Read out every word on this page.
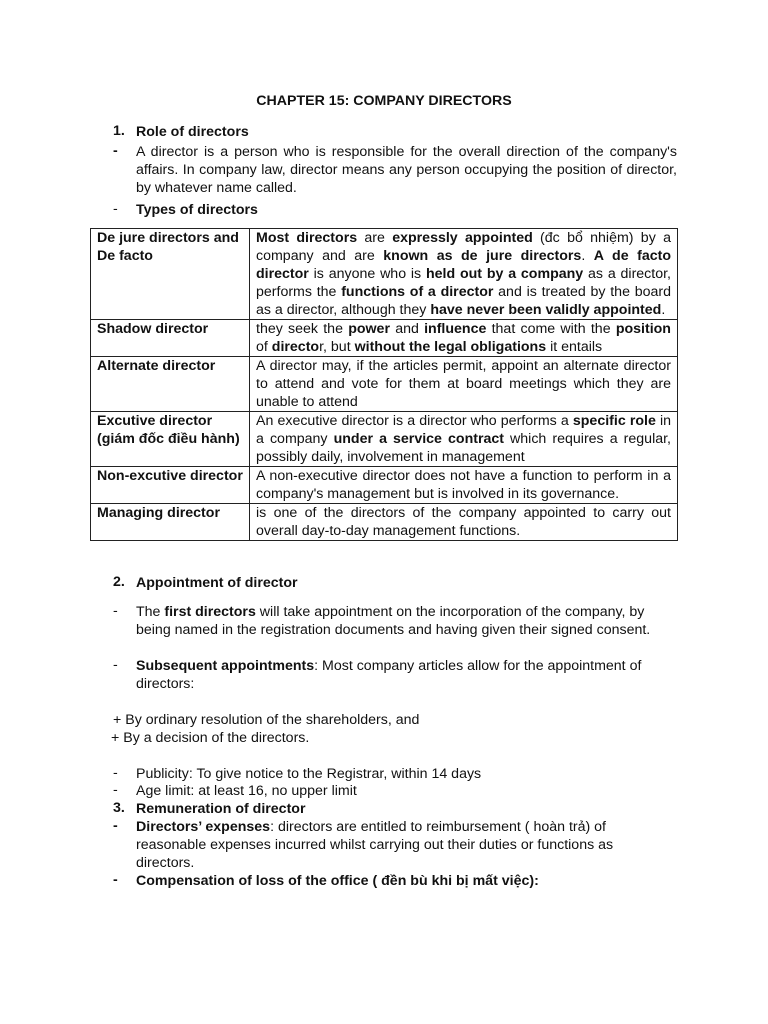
CHAPTER 15: COMPANY DIRECTORS
1. Role of directors
- A director is a person who is responsible for the overall direction of the company's affairs. In company law, director means any person occupying the position of director, by whatever name called.
- Types of directors
De jure directors and De facto	Most directors are expressly appointed (đc bổ nhiệm) by a company and are known as de jure directors. A de facto director is anyone who is held out by a company as a director, performs the functions of a director and is treated by the board as a director, although they have never been validly appointed.
Shadow director	they seek the power and influence that come with the position of director, but without the legal obligations it entails
Alternate director	A director may, if the articles permit, appoint an alternate director to attend and vote for them at board meetings which they are unable to attend
Excutive director (giám đốc điều hành)	An executive director is a director who performs a specific role in a company under a service contract which requires a regular, possibly daily, involvement in management
Non-excutive director	A non-executive director does not have a function to perform in a company's management but is involved in its governance.
Managing director	is one of the directors of the company appointed to carry out overall day-to-day management functions.
2. Appointment of director
- The first directors will take appointment on the incorporation of the company, by being named in the registration documents and having given their signed consent.
- Subsequent appointments: Most company articles allow for the appointment of directors:
+ By ordinary resolution of the shareholders, and
+ By a decision of the directors.
- Publicity: To give notice to the Registrar, within 14 days
- Age limit: at least 16, no upper limit
3. Remuneration of director
- Directors’ expenses: directors are entitled to reimbursement ( hoàn trả) of reasonable expenses incurred whilst carrying out their duties or functions as directors.
- Compensation of loss of the office ( đền bù khi bị mất việc):
